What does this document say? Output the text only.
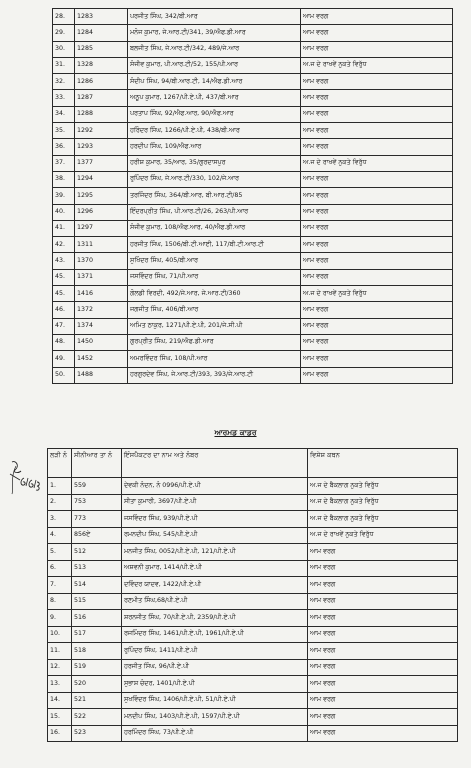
28.	1283	ਪਰਜੀਤ ਸਿੰਘ, 342/ਬੀ.ਆਰ	ਆਮ ਵਰਗ
29.	1284	ਮਨੋਜ ਕੁਮਾਰ, ਜੇ.ਆਰ.ਟੀ/341, 39/ਐਫ.ਡੀ.ਆਰ	ਆਮ ਵਰਗ
30.	1285	ਬਲਜੀਤ ਸਿੰਘ, ਜੇ.ਆਰ.ਟੀ/342, 489/ਜੇ.ਆਰ	ਆਮ ਵਰਗ
31.	1328	ਸੰਜੀਵ ਕੁਮਾਰ, ਪੀ.ਆਰ.ਟੀ/52, 155/ਪੀ.ਆਰ	ਅ.ਜ ਦੇ ਰਾਖਵੇਂ ਨੁਕਤੇ ਵਿਰੁੱਧ
32.	1286	ਸੰਦੀਪ ਸਿੰਘ, 94/ਬੀ.ਆਰ.ਟੀ, 14/ਐਫ.ਡੀ.ਆਰ	ਆਮ ਵਰਗ
33.	1287	ਅਨੂਪ ਕੁਮਾਰ, 1267/ਪੀ.ਏ.ਪੀ, 437/ਬੀ.ਆਰ	ਆਮ ਵਰਗ
34.	1288	ਪਰਤਾਪ ਸਿੰਘ, 92/ਐਫ.ਆਰ, 90/ਐਫ.ਆਰ	ਆਮ ਵਰਗ
35.	1292	ਹਰਿੰਦਰ ਸਿੰਘ, 1266/ਪੀ.ਏ.ਪੀ, 438/ਬੀ.ਆਰ	ਆਮ ਵਰਗ
36.	1293	ਹਰਦੀਪ ਸਿੰਘ, 109/ਐਫ.ਆਰ	ਆਮ ਵਰਗ
37.	1377	ਹਰੀਸ਼ ਕੁਮਾਰ, 35/ਆਰ, 35/ਗੁਰਦਾਸਪੁਰ	ਅ.ਜ ਦੇ ਰਾਖਵੇਂ ਨੁਕਤੇ ਵਿਰੁੱਧ
38.	1294	ਰੁਪਿੰਦਰ ਸਿੰਘ, ਜੇ.ਆਰ.ਟੀ/330, 102/ਜੇ.ਆਰ	ਆਮ ਵਰਗ
39.	1295	ਤਰਜਿੰਦਰ ਸਿੰਘ, 364/ਬੀ.ਆਰ, ਬੀ.ਆਰ.ਟੀ/85	ਆਮ ਵਰਗ
40.	1296	ਇੰਦਰਪ੍ਰੀਤ ਸਿੰਘ, ਪੀ.ਆਰ.ਟੀ/26, 263/ਪੀ.ਆਰ	ਆਮ ਵਰਗ
41.	1297	ਸੰਜੀਵ ਕੁਮਾਰ, 108/ਐਫ.ਆਰ, 40/ਐਫ.ਡੀ.ਆਰ	ਆਮ ਵਰਗ
42.	1311	ਹਰਜੀਤ ਸਿੰਘ, 1506/ਬੀ.ਟੀ.ਆਈ, 117/ਬੀ.ਟੀ.ਆਰ.ਟੀ	ਆਮ ਵਰਗ
43.	1370	ਸੁਖਿੰਦਰ ਸਿੰਘ, 405/ਬੀ.ਆਰ	ਆਮ ਵਰਗ
45.	1371	ਜਸਵਿੰਦਰ ਸਿੰਘ, 71/ਪੀ.ਆਰ	ਆਮ ਵਰਗ
45.	1416	ਗੋਲਡੀ ਵਿਰਦੀ, 492/ਜੇ.ਆਰ, ਜੇ.ਆਰ.ਟੀ/360	ਅ.ਜ ਦੇ ਰਾਖਵੇਂ ਨੁਕਤੇ ਵਿਰੁੱਧ
46.	1372	ਜਗਜੀਤ ਸਿੰਘ, 406/ਬੀ.ਆਰ	ਆਮ ਵਰਗ
47.	1374	ਅਮਿਤ ਠਾਕੁਰ, 1271/ਪੀ.ਏ.ਪੀ, 201/ਜੇ.ਸੀ.ਪੀ	ਆਮ ਵਰਗ
48.	1450	ਗੁਰਪ੍ਰੀਤ ਸਿੰਘ, 219/ਐਫ.ਡੀ.ਆਰ	ਆਮ ਵਰਗ
49.	1452	ਅਮਰਵਿੰਦਰ ਸਿੰਘ, 108/ਪੀ.ਆਰ	ਆਮ ਵਰਗ
50.	1488	ਹਰਗੁਰਦੇਵ ਸਿੰਘ, ਜੇ.ਆਰ.ਟੀ/393, 393/ਜੇ.ਆਰ.ਟੀ	ਆਮ ਵਰਗ
ਆਰਮਡ ਕਾਡਰ
ਲੜੀ ਨੰ	ਸੀਨੀਆਰ ਤਾ ਨੰ	ਇੰਸਪੈਕਟਰ ਦਾ ਨਾਮ ਅਤੇ ਨੰਬਰ	ਵਿਸ਼ੇਸ਼ ਕਥਨ
1.	559	ਦੇਵਕੀ ਨੰਦਨ, ਨੰ 0996/ਪੀ.ਏ.ਪੀ	ਅ.ਜ ਦੇ ਬੈਕਲਾਗ ਨੁਕਤੇ ਵਿਰੁੱਧ
2.	753	ਸੀਤਾ ਕੁਮਾਰੀ, 3697/ਪੀ.ਏ.ਪੀ	ਅ.ਜ ਦੇ ਬੈਕਲਾਗ ਨੁਕਤੇ ਵਿਰੁੱਧ
3.	773	ਜਸਵਿੰਦਰ ਸਿੰਘ, 939/ਪੀ.ਏ.ਪੀ	ਅ.ਜ ਦੇ ਬੈਕਲਾਗ ਨੁਕਤੇ ਵਿਰੁੱਧ
4.	856ਏ	ਰਮਨਦੀਪ ਸਿੰਘ, 545/ਪੀ.ਏ.ਪੀ	ਅ.ਜ ਦੇ ਰਾਖਵੇਂ ਨੁਕਤੇ ਵਿਰੁੱਧ
5.	512	ਮਨਜੀਤ ਸਿੰਘ, 0052/ਪੀ.ਏ.ਪੀ, 121/ਪੀ.ਏ.ਪੀ	ਆਮ ਵਰਗ
6.	513	ਅਸ਼ਵਨੀ ਕੁਮਾਰ, 1414/ਪੀ.ਏ.ਪੀ	ਆਮ ਵਰਗ
7.	514	ਦਵਿੰਦਰ ਯਾਦਵ, 1422/ਪੀ.ਏ.ਪੀ	ਆਮ ਵਰਗ
8.	515	ਰਣਮੀਤ ਸਿੰਘ,68/ਪੀ.ਏ.ਪੀ	ਆਮ ਵਰਗ
9.	516	ਸ਼ਰਨਜੀਤ ਸਿੰਘ, 70/ਪੀ.ਏ.ਪੀ, 2359/ਪੀ.ਏ.ਪੀ	ਆਮ ਵਰਗ
10.	517	ਰਜਮਿੰਦਰ ਸਿੰਘ, 1461/ਪੀ.ਏ.ਪੀ, 1961/ਪੀ.ਏ.ਪੀ	ਆਮ ਵਰਗ
11.	518	ਰੁਪਿੰਦਰ ਸਿੰਘ, 1411/ਪੀ.ਏ.ਪੀ	ਆਮ ਵਰਗ
12.	519	ਹਰਜੀਤ ਸਿੰਘ, 96/ਪੀ.ਏ.ਪੀ	ਆਮ ਵਰਗ
13.	520	ਸੁਭਾਸ਼ ਚੰਦਰ, 1401/ਪੀ.ਏ.ਪੀ	ਆਮ ਵਰਗ
14.	521	ਸੁਖਵਿੰਦਰ ਸਿੰਘ, 1406/ਪੀ.ਏ.ਪੀ, 51/ਪੀ.ਏ.ਪੀ	ਆਮ ਵਰਗ
15.	522	ਮਨਦੀਪ ਸਿੰਘ, 1403/ਪੀ.ਏ.ਪੀ, 1597/ਪੀ.ਏ.ਪੀ	ਆਮ ਵਰਗ
16.	523	ਹਰਮਿੰਦਰ ਸਿੰਘ, 73/ਪੀ.ਏ.ਪੀ	ਆਮ ਵਰਗ
